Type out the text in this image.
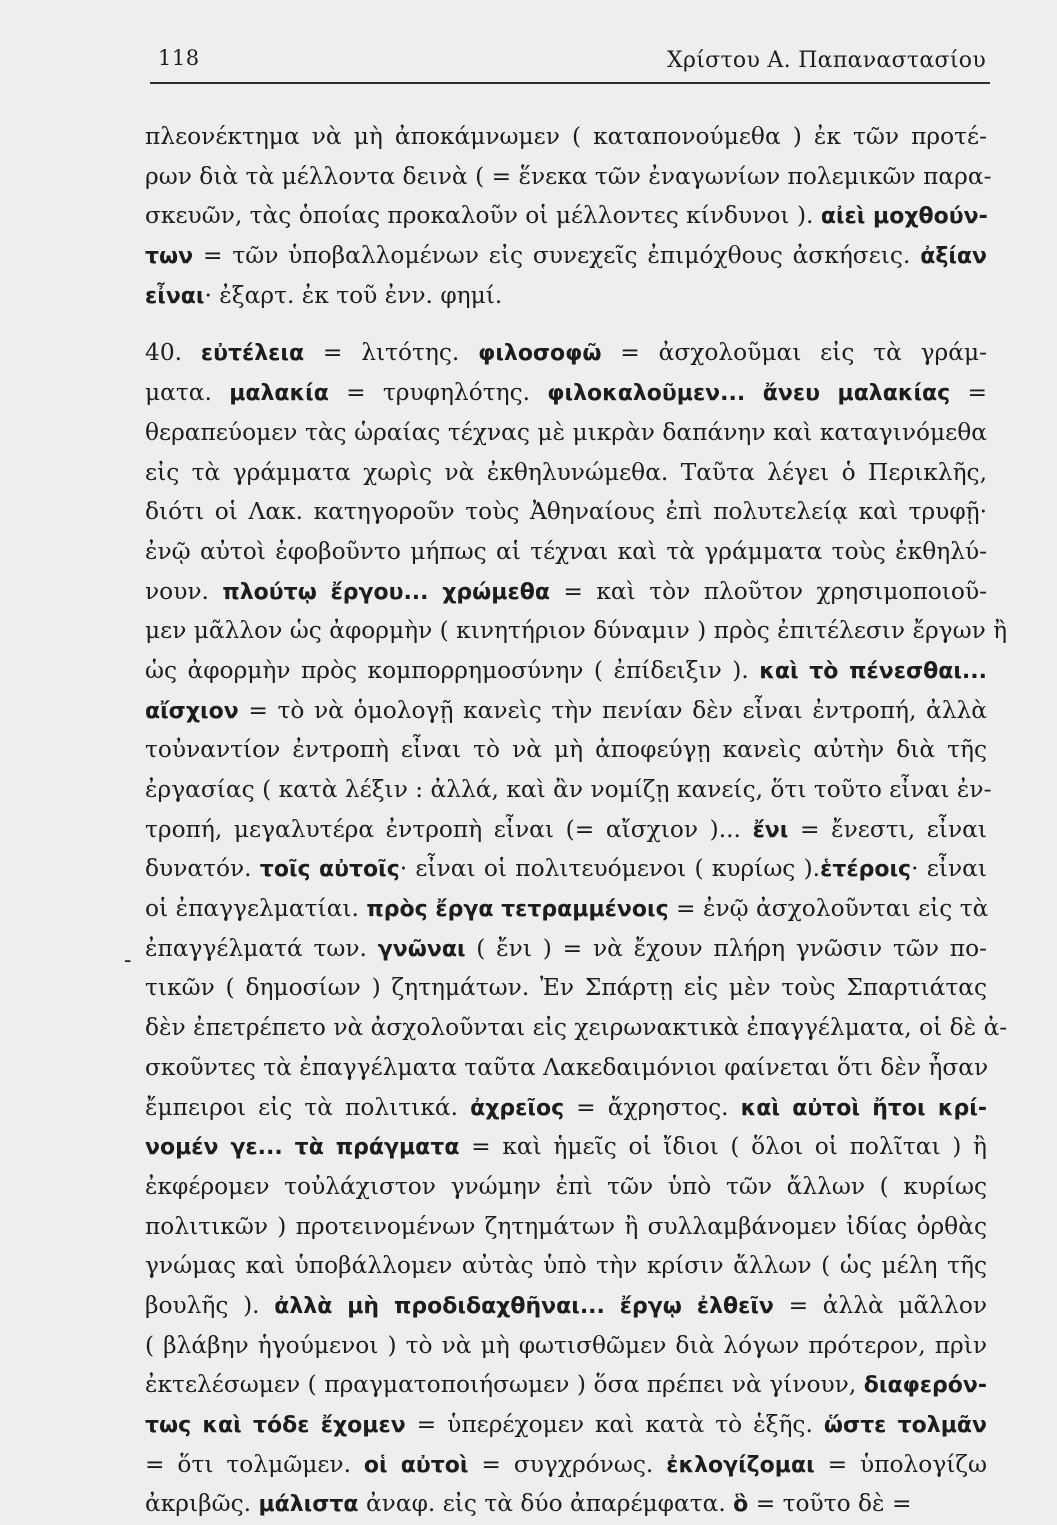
118	Χρίστου Α. Παπαναστασίου
-
πλεονέκτημα νὰ μὴ ἀποκάμνωμεν ( καταπονούμεθα ) ἐκ τῶν προτέ-
ρων διὰ τὰ μέλλοντα δεινὰ ( = ἕνεκα τῶν ἐναγωνίων πολεμικῶν παρα-
σκευῶν, τὰς ὁποίας προκαλοῦν οἱ μέλλοντες κίνδυνοι ). αἰεὶ μοχθούν-
των = τῶν ὑποβαλλομένων εἰς συνεχεῖς ἐπιμόχθους ἀσκήσεις. ἀξίαν
εἶναι· ἐξαρτ. ἐκ τοῦ ἐνν. φημί.
40. εὐτέλεια = λιτότης. φιλοσοφῶ = ἀσχολοῦμαι εἰς τὰ γράμ-
ματα. μαλακία = τρυφηλότης. φιλοκαλοῦμεν... ἄνευ μαλακίας =
θεραπεύομεν τὰς ὡραίας τέχνας μὲ μικρὰν δαπάνην καὶ καταγινόμεθα
εἰς τὰ γράμματα χωρὶς νὰ ἐκθηλυνώμεθα. Ταῦτα λέγει ὁ Περικλῆς,
διότι οἱ Λακ. κατηγοροῦν τοὺς Ἀθηναίους ἐπὶ πολυτελείᾳ καὶ τρυφῇ·
ἐνῷ αὐτοὶ ἐφοβοῦντο μήπως αἱ τέχναι καὶ τὰ γράμματα τοὺς ἐκθηλύ-
νουν. πλούτῳ ἔργου... χρώμεθα = καὶ τὸν πλοῦτον χρησιμοποιοῦ-
μεν μᾶλλον ὡς ἀφορμὴν ( κινητήριον δύναμιν ) πρὸς ἐπιτέλεσιν ἔργων ἢ
ὡς ἀφορμὴν πρὸς κομπορρημοσύνην ( ἐπίδειξιν ). καὶ τὸ πένεσθαι...
αἴσχιον = τὸ νὰ ὁμολογῇ κανεὶς τὴν πενίαν δὲν εἶναι ἐντροπή, ἀλλὰ
τοὐναντίον ἐντροπὴ εἶναι τὸ νὰ μὴ ἀποφεύγῃ κανεὶς αὐτὴν διὰ τῆς
ἐργασίας ( κατὰ λέξιν : ἀλλά, καὶ ἂν νομίζῃ κανείς, ὅτι τοῦτο εἶναι ἐν-
τροπή, μεγαλυτέρα ἐντροπὴ εἶναι (= αἴσχιον )... ἔνι = ἔνεστι, εἶναι
δυνατόν. τοῖς αὐτοῖς· εἶναι οἱ πολιτευόμενοι ( κυρίως ).ἑτέροις· εἶναι
οἱ ἐπαγγελματίαι. πρὸς ἔργα τετραμμένοις = ἐνῷ ἀσχολοῦνται εἰς τὰ
ἐπαγγέλματά των. γνῶναι ( ἔνι ) = νὰ ἔχουν πλήρη γνῶσιν τῶν πο-
τικῶν ( δημοσίων ) ζητημάτων. Ἐν Σπάρτῃ εἰς μὲν τοὺς Σπαρτιάτας
δὲν ἐπετρέπετο νὰ ἀσχολοῦνται εἰς χειρωνακτικὰ ἐπαγγέλματα, οἱ δὲ ἀ-
σκοῦντες τὰ ἐπαγγέλματα ταῦτα Λακεδαιμόνιοι φαίνεται ὅτι δὲν ἦσαν
ἔμπειροι εἰς τὰ πολιτικά. ἀχρεῖος = ἄχρηστος. καὶ αὐτοὶ ἤτοι κρί-
νομέν γε... τὰ πράγματα = καὶ ἡμεῖς οἱ ἴδιοι ( ὅλοι οἱ πολῖται ) ἢ
ἐκφέρομεν τοὐλάχιστον γνώμην ἐπὶ τῶν ὑπὸ τῶν ἄλλων ( κυρίως
πολιτικῶν ) προτεινομένων ζητημάτων ἢ συλλαμβάνομεν ἰδίας ὀρθὰς
γνώμας καὶ ὑποβάλλομεν αὐτὰς ὑπὸ τὴν κρίσιν ἄλλων ( ὡς μέλη τῆς
βουλῆς ). ἀλλὰ μὴ προδιδαχθῆναι... ἔργῳ ἐλθεῖν = ἀλλὰ μᾶλλον
( βλάβην ἡγούμενοι ) τὸ νὰ μὴ φωτισθῶμεν διὰ λόγων πρότερον, πρὶν
ἐκτελέσωμεν ( πραγματοποιήσωμεν ) ὅσα πρέπει νὰ γίνουν, διαφερόν-
τως καὶ τόδε ἔχομεν = ὑπερέχομεν καὶ κατὰ τὸ ἑξῆς. ὥστε τολμᾶν
= ὅτι τολμῶμεν. οἱ αὐτοὶ = συγχρόνως. ἐκλογίζομαι = ὑπολογίζω
ἀκριβῶς. μάλιστα ἀναφ. εἰς τὰ δύο ἀπαρέμφατα. ὃ = τοῦτο δὲ =
